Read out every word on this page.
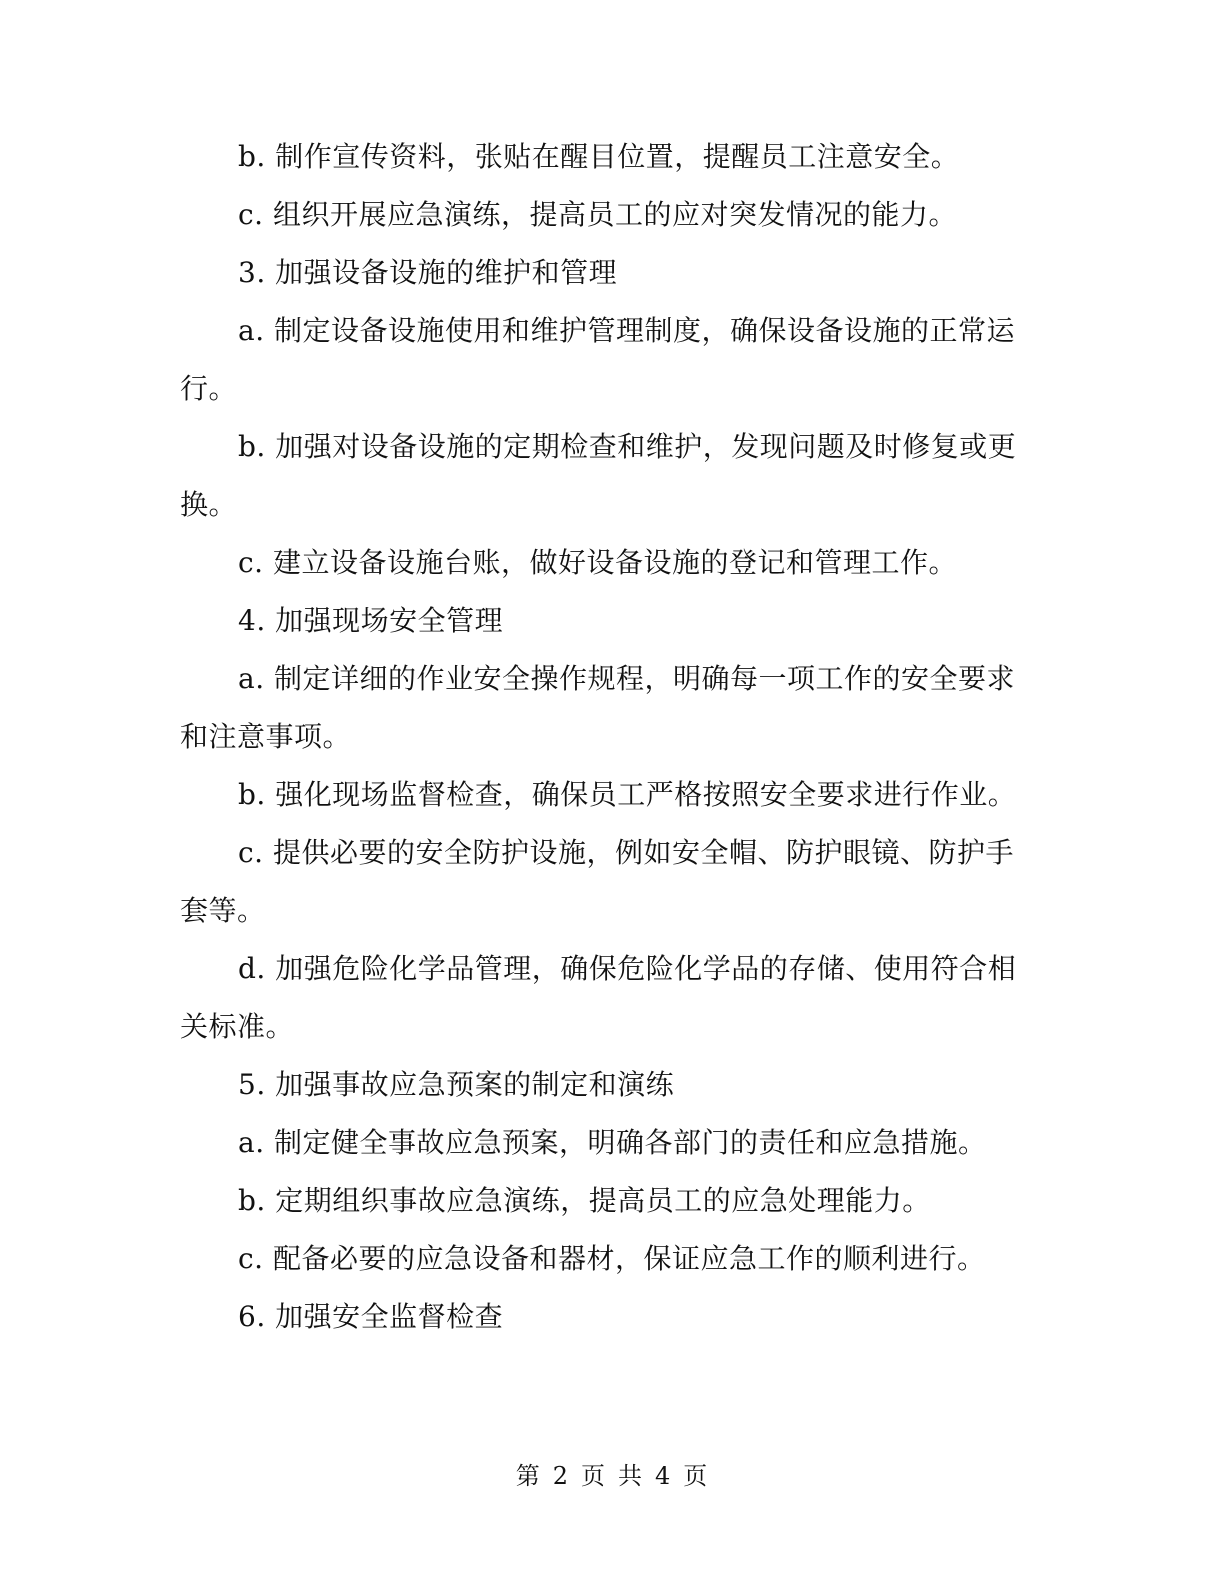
b. 制作宣传资料，张贴在醒目位置，提醒员工注意安全。

c. 组织开展应急演练，提高员工的应对突发情况的能力。

3. 加强设备设施的维护和管理

a. 制定设备设施使用和维护管理制度，确保设备设施的正常运行。

b. 加强对设备设施的定期检查和维护，发现问题及时修复或更换。

c. 建立设备设施台账，做好设备设施的登记和管理工作。

4. 加强现场安全管理

a. 制定详细的作业安全操作规程，明确每一项工作的安全要求和注意事项。

b. 强化现场监督检查，确保员工严格按照安全要求进行作业。

c. 提供必要的安全防护设施，例如安全帽、防护眼镜、防护手套等。

d. 加强危险化学品管理，确保危险化学品的存储、使用符合相关标准。

5. 加强事故应急预案的制定和演练

a. 制定健全事故应急预案，明确各部门的责任和应急措施。

b. 定期组织事故应急演练，提高员工的应急处理能力。

c. 配备必要的应急设备和器材，保证应急工作的顺利进行。

6. 加强安全监督检查

第 2 页 共 4 页
